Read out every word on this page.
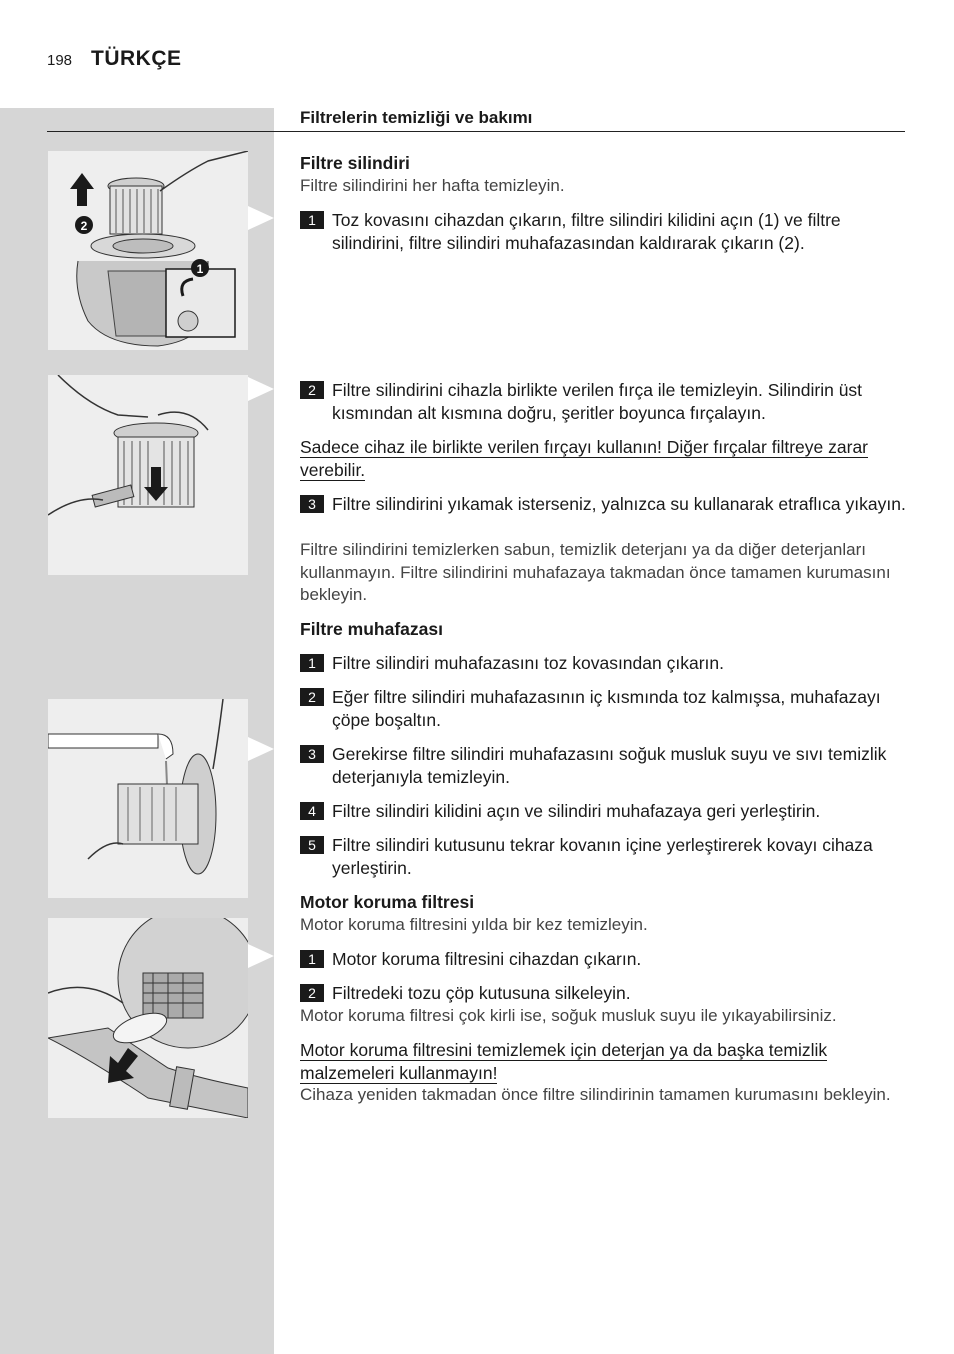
198 TÜRKÇE
Filtrelerin temizliği ve bakımı
2
1
Filtre silindiri
Filtre silindirini her hafta temizleyin.
1 Toz kovasını cihazdan çıkarın, filtre silindiri kilidini açın (1) ve filtre silindirini, filtre silindiri muhafazasından kaldırarak çıkarın (2).
2 Filtre silindirini cihazla birlikte verilen fırça ile temizleyin. Silindirin üst kısmından alt kısmına doğru, şeritler boyunca fırçalayın.
Sadece cihaz ile birlikte verilen fırçayı kullanın! Diğer fırçalar filtreye zarar verebilir.
3 Filtre silindirini yıkamak isterseniz, yalnızca su kullanarak etraflıca yıkayın.
Filtre silindirini temizlerken sabun, temizlik deterjanı ya da diğer deterjanları kullanmayın. Filtre silindirini muhafazaya takmadan önce tamamen kurumasını bekleyin.
Filtre muhafazası
1 Filtre silindiri muhafazasını toz kovasından çıkarın.
2 Eğer filtre silindiri muhafazasının iç kısmında toz kalmışsa, muhafazayı çöpe boşaltın.
3 Gerekirse filtre silindiri muhafazasını soğuk musluk suyu ve sıvı temizlik deterjanıyla temizleyin.
4 Filtre silindiri kilidini açın ve silindiri muhafazaya geri yerleştirin.
5 Filtre silindiri kutusunu tekrar kovanın içine yerleştirerek kovayı cihaza yerleştirin.
Motor koruma filtresi
Motor koruma filtresini yılda bir kez temizleyin.
1 Motor koruma filtresini cihazdan çıkarın.
2 Filtredeki tozu çöp kutusuna silkeleyin.
Motor koruma filtresi çok kirli ise, soğuk musluk suyu ile yıkayabilirsiniz.
Motor koruma filtresini temizlemek için deterjan ya da başka temizlik malzemeleri kullanmayın!
Cihaza yeniden takmadan önce filtre silindirinin tamamen kurumasını bekleyin.
